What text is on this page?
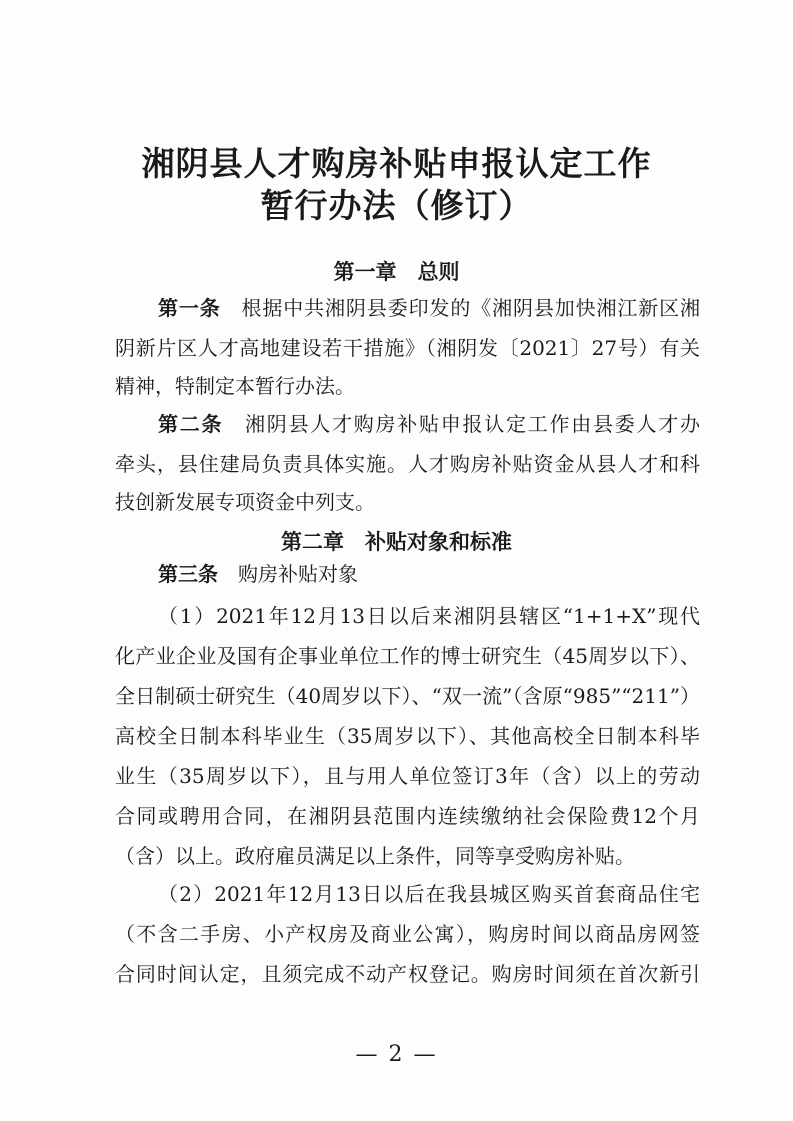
湘阴县人才购房补贴申报认定工作
暂行办法（修订）
第一章　总则
第一条　 根据中共湘阴县委印发的《湘阴县加快湘江新区湘
阴新片区人才高地建设若干措施》（湘阴发〔2021〕27号）有关
精神，特制定本暂行办法。
第二条　 湘阴县人才购房补贴申报认定工作由县委人才办
牵头，县住建局负责具体实施。人才购房补贴资金从县人才和科
技创新发展专项资金中列支。
第二章　补贴对象和标准
第三条　 购房补贴对象
（1）2021年12月13日以后来湘阴县辖区“1+1+X”现代
化产业企业及国有企事业单位工作的博士研究生（45周岁以下）、
全日制硕士研究生（40周岁以下）、“双一流”（含原“985”“211”）
高校全日制本科毕业生（35周岁以下）、其他高校全日制本科毕
业生（35周岁以下），且与用人单位签订3年（含）以上的劳动
合同或聘用合同，在湘阴县范围内连续缴纳社会保险费12个月
（含）以上。政府雇员满足以上条件，同等享受购房补贴。
（2）2021年12月13日以后在我县城区购买首套商品住宅
（不含二手房、小产权房及商业公寓），购房时间以商品房网签
合同时间认定，且须完成不动产权登记。购房时间须在首次新引
— 2 —
